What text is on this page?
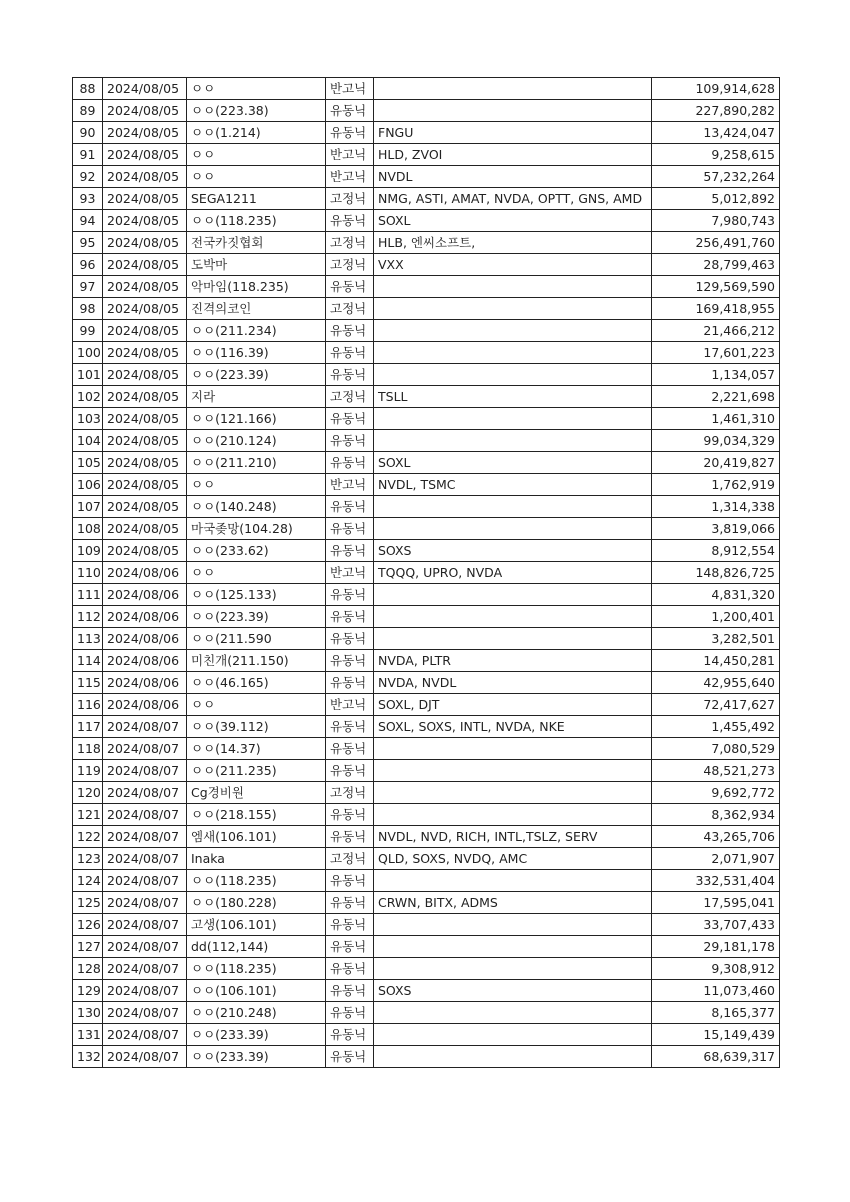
88	2024/08/05	ㅇㅇ	반고닉		109,914,628
89	2024/08/05	ㅇㅇ(223.38)	유동닉		227,890,282
90	2024/08/05	ㅇㅇ(1.214)	유동닉	FNGU	13,424,047
91	2024/08/05	ㅇㅇ	반고닉	HLD, ZVOI	9,258,615
92	2024/08/05	ㅇㅇ	반고닉	NVDL	57,232,264
93	2024/08/05	SEGA1211	고정닉	NMG, ASTI, AMAT, NVDA, OPTT, GNS, AMD	5,012,892
94	2024/08/05	ㅇㅇ(118.235)	유동닉	SOXL	7,980,743
95	2024/08/05	전국카짓협회	고정닉	HLB, 엔씨소프트,	256,491,760
96	2024/08/05	도박마	고정닉	VXX	28,799,463
97	2024/08/05	악마임(118.235)	유동닉		129,569,590
98	2024/08/05	진격의코인	고정닉		169,418,955
99	2024/08/05	ㅇㅇ(211.234)	유동닉		21,466,212
100	2024/08/05	ㅇㅇ(116.39)	유동닉		17,601,223
101	2024/08/05	ㅇㅇ(223.39)	유동닉		1,134,057
102	2024/08/05	지라	고정닉	TSLL	2,221,698
103	2024/08/05	ㅇㅇ(121.166)	유동닉		1,461,310
104	2024/08/05	ㅇㅇ(210.124)	유동닉		99,034,329
105	2024/08/05	ㅇㅇ(211.210)	유동닉	SOXL	20,419,827
106	2024/08/05	ㅇㅇ	반고닉	NVDL, TSMC	1,762,919
107	2024/08/05	ㅇㅇ(140.248)	유동닉		1,314,338
108	2024/08/05	마국좆망(104.28)	유동닉		3,819,066
109	2024/08/05	ㅇㅇ(233.62)	유동닉	SOXS	8,912,554
110	2024/08/06	ㅇㅇ	반고닉	TQQQ, UPRO, NVDA	148,826,725
111	2024/08/06	ㅇㅇ(125.133)	유동닉		4,831,320
112	2024/08/06	ㅇㅇ(223.39)	유동닉		1,200,401
113	2024/08/06	ㅇㅇ(211.590	유동닉		3,282,501
114	2024/08/06	미친개(211.150)	유동닉	NVDA, PLTR	14,450,281
115	2024/08/06	ㅇㅇ(46.165)	유동닉	NVDA, NVDL	42,955,640
116	2024/08/06	ㅇㅇ	반고닉	SOXL, DJT	72,417,627
117	2024/08/07	ㅇㅇ(39.112)	유동닉	SOXL, SOXS, INTL, NVDA, NKE	1,455,492
118	2024/08/07	ㅇㅇ(14.37)	유동닉		7,080,529
119	2024/08/07	ㅇㅇ(211.235)	유동닉		48,521,273
120	2024/08/07	Cg경비원	고정닉		9,692,772
121	2024/08/07	ㅇㅇ(218.155)	유동닉		8,362,934
122	2024/08/07	엠새(106.101)	유동닉	NVDL, NVD, RICH, INTL,TSLZ, SERV	43,265,706
123	2024/08/07	Inaka	고정닉	QLD, SOXS, NVDQ, AMC	2,071,907
124	2024/08/07	ㅇㅇ(118.235)	유동닉		332,531,404
125	2024/08/07	ㅇㅇ(180.228)	유동닉	CRWN, BITX, ADMS	17,595,041
126	2024/08/07	고생(106.101)	유동닉		33,707,433
127	2024/08/07	dd(112,144)	유동닉		29,181,178
128	2024/08/07	ㅇㅇ(118.235)	유동닉		9,308,912
129	2024/08/07	ㅇㅇ(106.101)	유동닉	SOXS	11,073,460
130	2024/08/07	ㅇㅇ(210.248)	유동닉		8,165,377
131	2024/08/07	ㅇㅇ(233.39)	유동닉		15,149,439
132	2024/08/07	ㅇㅇ(233.39)	유동닉		68,639,317
